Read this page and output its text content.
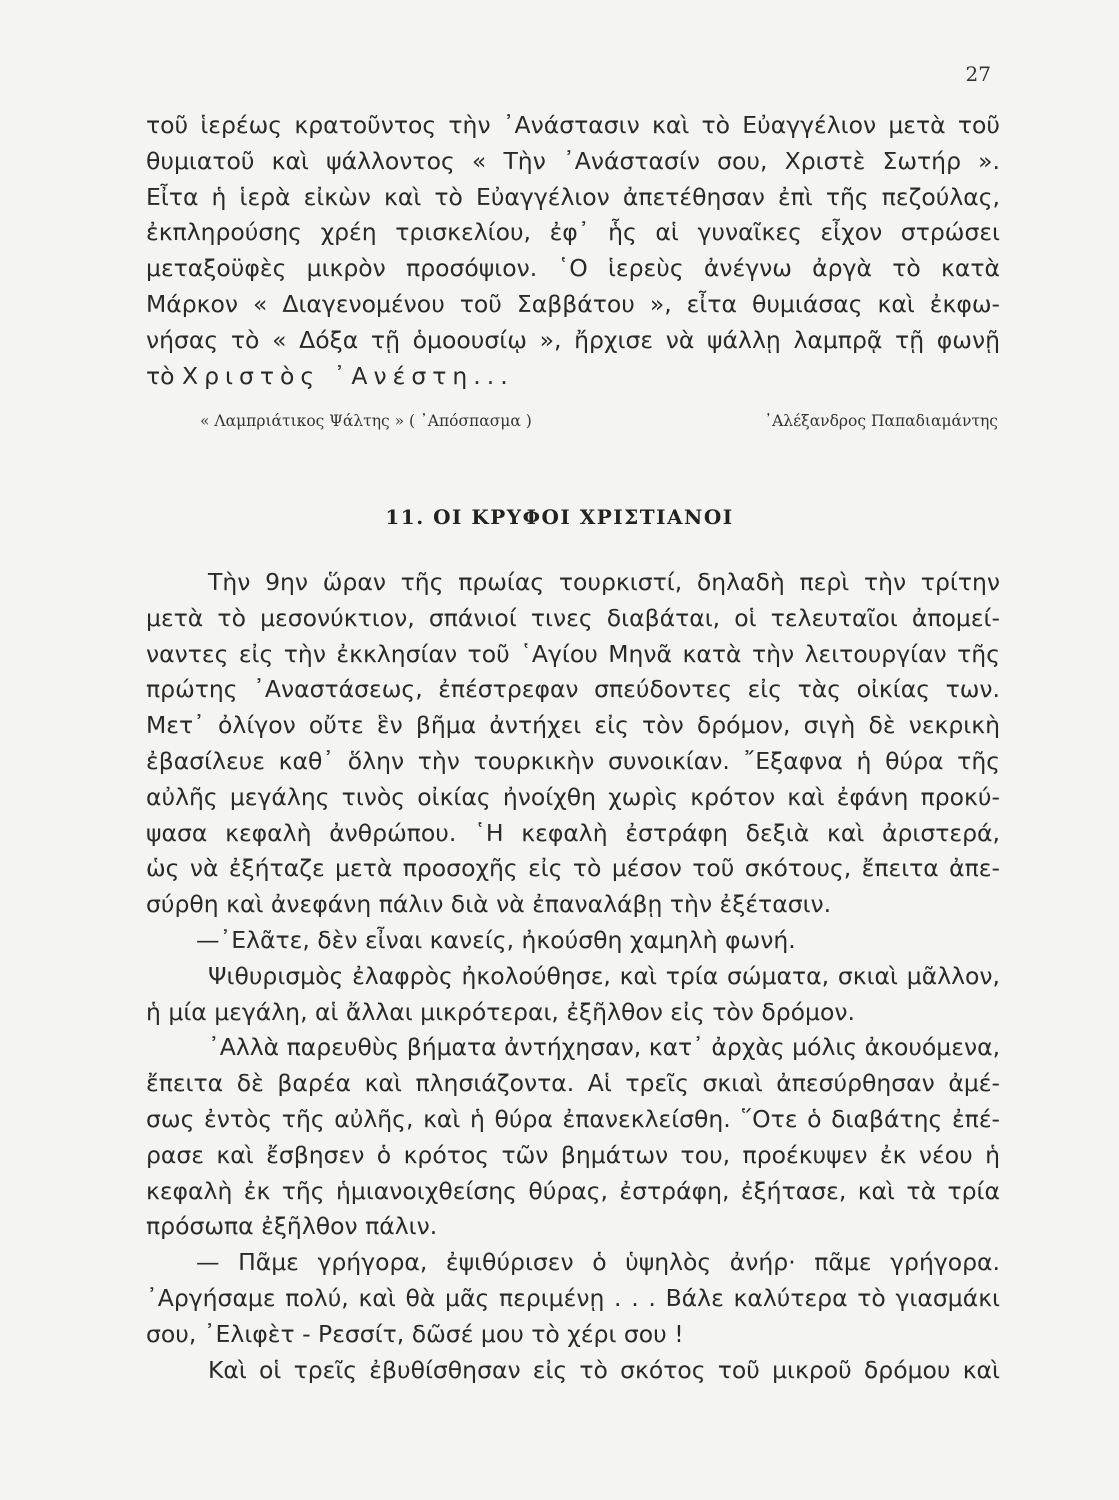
27
τοῦ ἱερέως κρατοῦντος τὴν ᾿Ανάστασιν καὶ τὸ Εὐαγγέλιον μετὰ τοῦ
θυμιατοῦ καὶ ψάλλοντος « Τὴν ᾿Ανάστασίν σου, Χριστὲ Σωτήρ ».
Εἶτα ἡ ἱερὰ εἰκὼν καὶ τὸ Εὐαγγέλιον ἀπετέθησαν ἐπὶ τῆς πεζούλας,
ἐκπληρούσης χρέη τρισκελίου, ἐφ᾿ ἧς αἱ γυναῖκες εἶχον στρώσει
μεταξοϋφὲς μικρὸν προσόψιον. ῾Ο ἱερεὺς ἀνέγνω ἀργὰ τὸ κατὰ
Μάρκον « Διαγενομένου τοῦ Σαββάτου », εἶτα θυμιάσας καὶ ἐκφω-
νήσας τὸ « Δόξα τῇ ὁμοουσίῳ », ἤρχισε νὰ ψάλλῃ λαμπρᾷ τῇ φωνῇ
τὸ Χριστὸς ᾿Ανέστη...
« Λαμπριάτικος Ψάλτης » ( ᾿Απόσπασμα )	᾿Αλέξανδρος Παπαδιαμάντης
11. ΟΙ ΚΡΥΦΟΙ ΧΡΙΣΤΙΑΝΟΙ
Τὴν 9ην ὥραν τῆς πρωίας τουρκιστί, δηλαδὴ περὶ τὴν τρίτην
μετὰ τὸ μεσονύκτιον, σπάνιοί τινες διαβάται, οἱ τελευταῖοι ἀπομεί-
ναντες εἰς τὴν ἐκκλησίαν τοῦ ῾Αγίου Μηνᾶ κατὰ τὴν λειτουργίαν τῆς
πρώτης ᾿Αναστάσεως, ἐπέστρεφαν σπεύδοντες εἰς τὰς οἰκίας των.
Μετ᾿ ὀλίγον οὔτε ἓν βῆμα ἀντήχει εἰς τὸν δρόμον, σιγὴ δὲ νεκρικὴ
ἐβασίλευε καθ᾿ ὅλην τὴν τουρκικὴν συνοικίαν. ῎Εξαφνα ἡ θύρα τῆς
αὐλῆς μεγάλης τινὸς οἰκίας ἠνοίχθη χωρὶς κρότον καὶ ἐφάνη προκύ-
ψασα κεφαλὴ ἀνθρώπου. ῾Η κεφαλὴ ἐστράφη δεξιὰ καὶ ἀριστερά,
ὡς νὰ ἐξήταζε μετὰ προσοχῆς εἰς τὸ μέσον τοῦ σκότους, ἔπειτα ἀπε-
σύρθη καὶ ἀνεφάνη πάλιν διὰ νὰ ἐπαναλάβῃ τὴν ἐξέτασιν.
—᾿Ελᾶτε, δὲν εἶναι κανείς, ἠκούσθη χαμηλὴ φωνή.
Ψιθυρισμὸς ἐλαφρὸς ἠκολούθησε, καὶ τρία σώματα, σκιαὶ μᾶλλον,
ἡ μία μεγάλη, αἱ ἄλλαι μικρότεραι, ἐξῆλθον εἰς τὸν δρόμον.
᾿Αλλὰ παρευθὺς βήματα ἀντήχησαν, κατ᾿ ἀρχὰς μόλις ἀκουόμενα,
ἔπειτα δὲ βαρέα καὶ πλησιάζοντα. Αἱ τρεῖς σκιαὶ ἀπεσύρθησαν ἀμέ-
σως ἐντὸς τῆς αὐλῆς, καὶ ἡ θύρα ἐπανεκλείσθη. ῞Οτε ὁ διαβάτης ἐπέ-
ρασε καὶ ἔσβησεν ὁ κρότος τῶν βημάτων του, προέκυψεν ἐκ νέου ἡ
κεφαλὴ ἐκ τῆς ἡμιανοιχθείσης θύρας, ἐστράφη, ἐξήτασε, καὶ τὰ τρία
πρόσωπα ἐξῆλθον πάλιν.
— Πᾶμε γρήγορα, ἐψιθύρισεν ὁ ὑψηλὸς ἀνήρ· πᾶμε γρήγορα.
᾿Αργήσαμε πολύ, καὶ θὰ μᾶς περιμένῃ . . . Βάλε καλύτερα τὸ γιασμάκι
σου, ᾿Ελιφὲτ - Ρεσσίτ, δῶσέ μου τὸ χέρι σου !
Καὶ οἱ τρεῖς ἐβυθίσθησαν εἰς τὸ σκότος τοῦ μικροῦ δρόμου καὶ
